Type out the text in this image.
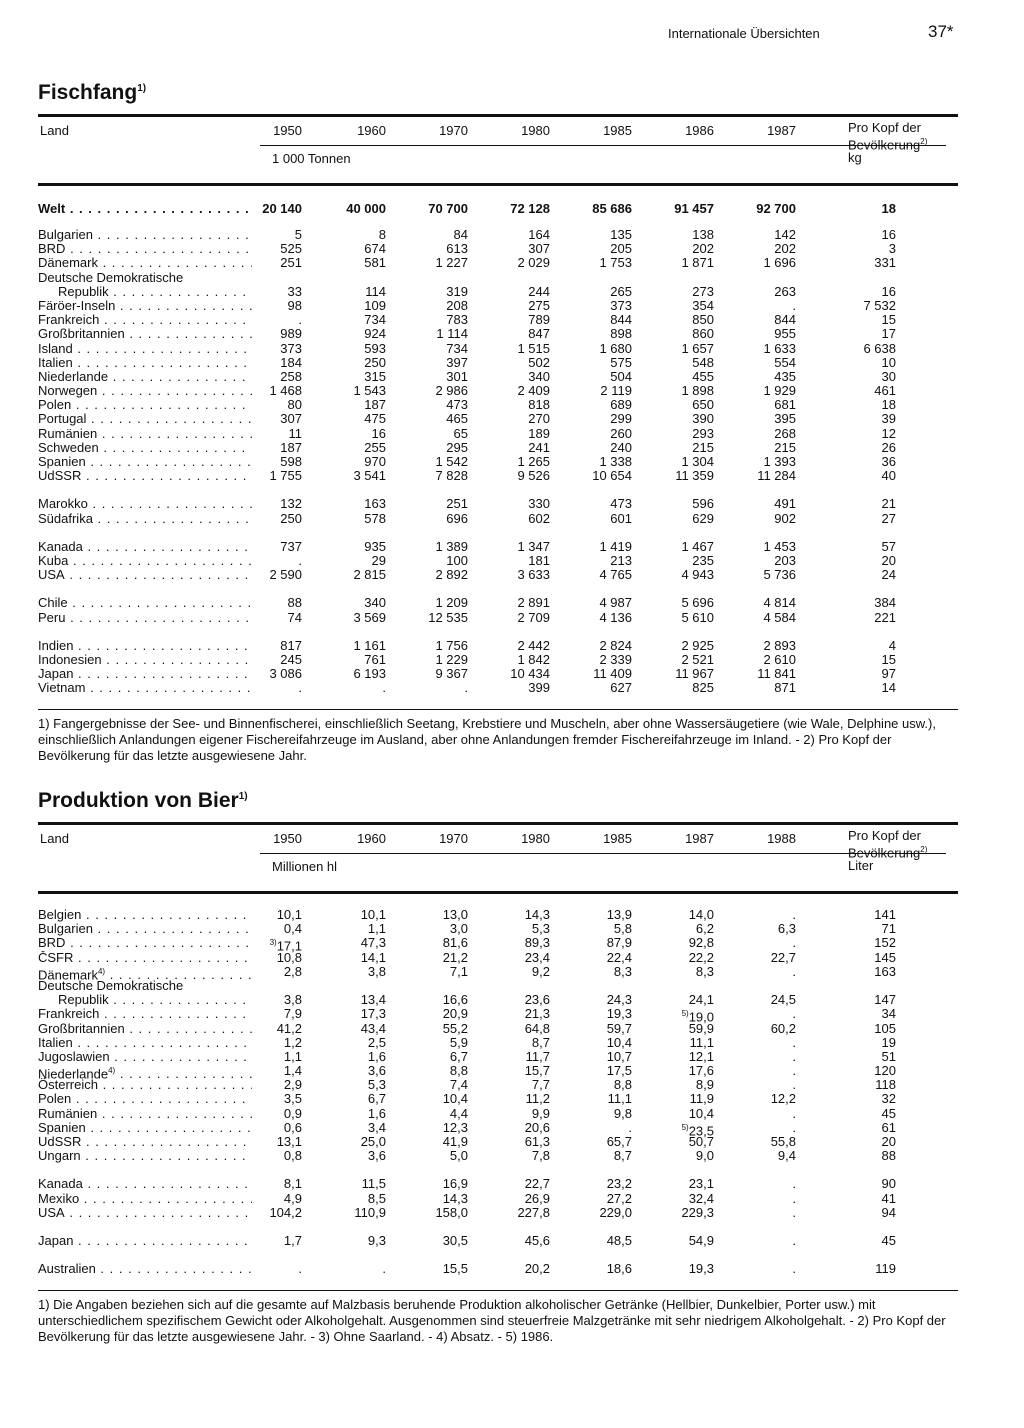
Internationale Übersichten	37*
Fischfang$^{1)}$
Land	1950	1960	1970	1980	1985	1986	1987
1 000 Tonnen
Pro Kopf der
Bevölkerung$^{2)}$
kg
Welt . . .	20 140	40 000	70 700	72 128	85 686	91 457	92 700	18
Bulgarien . . .	5	8	84	164	135	138	142	16
BRD . . .	525	674	613	307	205	202	202	3
Dänemark . . .	251	581	1 227	2 029	1 753	1 871	1 696	331
Deutsche Demokratische
Republik . . .	33	114	319	244	265	273	263	16
Färöer-Inseln . . .	98	109	208	275	373	354	.	7 532
Frankreich . . .	.	734	783	789	844	850	844	15
Großbritannien . . .	989	924	1 114	847	898	860	955	17
Island . . .	373	593	734	1 515	1 680	1 657	1 633	6 638
Italien . . .	184	250	397	502	575	548	554	10
Niederlande . . .	258	315	301	340	504	455	435	30
Norwegen . . .	1 468	1 543	2 986	2 409	2 119	1 898	1 929	461
Polen . . .	80	187	473	818	689	650	681	18
Portugal . . .	307	475	465	270	299	390	395	39
Rumänien . . .	11	16	65	189	260	293	268	12
Schweden . . .	187	255	295	241	240	215	215	26
Spanien . . .	598	970	1 542	1 265	1 338	1 304	1 393	36
UdSSR . . .	1 755	3 541	7 828	9 526	10 654	11 359	11 284	40
Marokko . . .	132	163	251	330	473	596	491	21
Südafrika . . .	250	578	696	602	601	629	902	27
Kanada . . .	737	935	1 389	1 347	1 419	1 467	1 453	57
Kuba . . .	.	29	100	181	213	235	203	20
USA . . .	2 590	2 815	2 892	3 633	4 765	4 943	5 736	24
Chile . . .	88	340	1 209	2 891	4 987	5 696	4 814	384
Peru . . .	74	3 569	12 535	2 709	4 136	5 610	4 584	221
Indien . . .	817	1 161	1 756	2 442	2 824	2 925	2 893	4
Indonesien . . .	245	761	1 229	1 842	2 339	2 521	2 610	15
Japan . . .	3 086	6 193	9 367	10 434	11 409	11 967	11 841	97
Vietnam . . .	.	.	.	399	627	825	871	14
1) Fangergebnisse der See- und Binnenfischerei, einschließlich Seetang, Krebstiere und Muscheln, aber ohne Wassersäugetiere (wie Wale, Delphine usw.), einschließlich Anlandungen eigener Fischereifahrzeuge im Ausland, aber ohne Anlandungen fremder Fischereifahrzeuge im Inland. - 2) Pro Kopf der Bevölkerung für das letzte ausgewiesene Jahr.
Produktion von Bier$^{1)}$
Land	1950	1960	1970	1980	1985	1987	1988
Millionen hl
Pro Kopf der
Bevölkerung$^{2)}$
Liter
Belgien . . .	10,1	10,1	13,0	14,3	13,9	14,0	.	141
Bulgarien . . .	0,4	1,1	3,0	5,3	5,8	6,2	6,3	71
BRD . . .	$^{3)}$17,1	47,3	81,6	89,3	87,9	92,8	.	152
ČSFR . . .	10,8	14,1	21,2	23,4	22,4	22,2	22,7	145
Dänemark$^{4)}$ . . .	2,8	3,8	7,1	9,2	8,3	8,3	.	163
Deutsche Demokratische
Republik . . .	3,8	13,4	16,6	23,6	24,3	24,1	24,5	147
Frankreich . . .	7,9	17,3	20,9	21,3	19,3	$^{5)}$19,0	.	34
Großbritannien . . .	41,2	43,4	55,2	64,8	59,7	59,9	60,2	105
Italien . . .	1,2	2,5	5,9	8,7	10,4	11,1	.	19
Jugoslawien . . .	1,1	1,6	6,7	11,7	10,7	12,1	.	51
Niederlande$^{4)}$ . . .	1,4	3,6	8,8	15,7	17,5	17,6	.	120
Österreich . . .	2,9	5,3	7,4	7,7	8,8	8,9	.	118
Polen . . .	3,5	6,7	10,4	11,2	11,1	11,9	12,2	32
Rumänien . . .	0,9	1,6	4,4	9,9	9,8	10,4	.	45
Spanien . . .	0,6	3,4	12,3	20,6	.	$^{5)}$23,5	.	61
UdSSR . . .	13,1	25,0	41,9	61,3	65,7	50,7	55,8	20
Ungarn . . .	0,8	3,6	5,0	7,8	8,7	9,0	9,4	88
Kanada . . .	8,1	11,5	16,9	22,7	23,2	23,1	.	90
Mexiko . . .	4,9	8,5	14,3	26,9	27,2	32,4	.	41
USA . . .	104,2	110,9	158,0	227,8	229,0	229,3	.	94
Japan . . .	1,7	9,3	30,5	45,6	48,5	54,9	.	45
Australien . . .	.	.	15,5	20,2	18,6	19,3	.	119
1) Die Angaben beziehen sich auf die gesamte auf Malzbasis beruhende Produktion alkoholischer Getränke (Hellbier, Dunkelbier, Porter usw.) mit unterschiedlichem spezifischem Gewicht oder Alkoholgehalt. Ausgenommen sind steuerfreie Malzgetränke mit sehr niedrigem Alkoholgehalt. - 2) Pro Kopf der Bevölkerung für das letzte ausgewiesene Jahr. - 3) Ohne Saarland. - 4) Absatz. - 5) 1986.
